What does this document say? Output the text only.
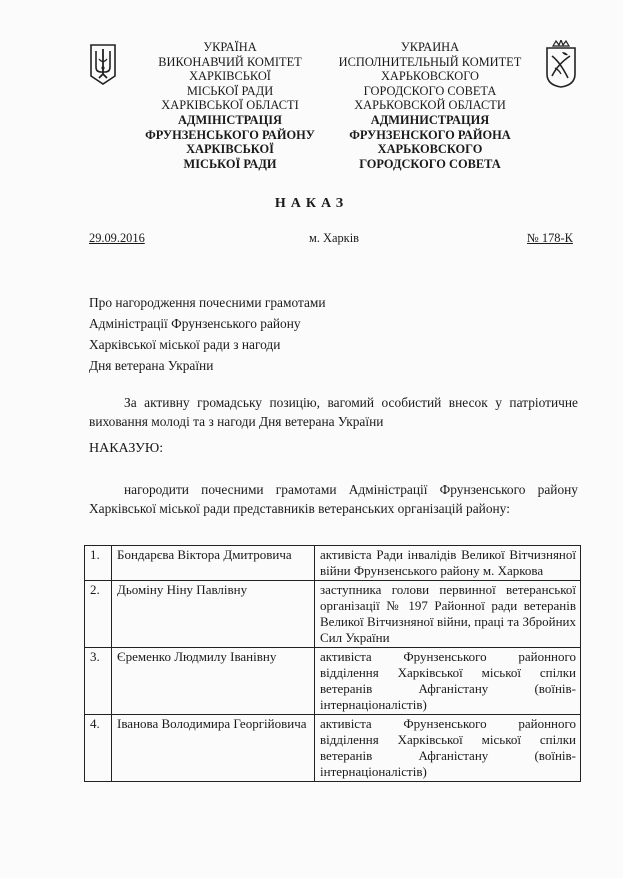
УКРАЇНА
ВИКОНАВЧИЙ КОМІТЕТ
ХАРКІВСЬКОЇ
МІСЬКОЇ РАДИ
ХАРКІВСЬКОЇ ОБЛАСТІ
АДМІНІСТРАЦІЯ
ФРУНЗЕНСЬКОГО РАЙОНУ
ХАРКІВСЬКОЇ
МІСЬКОЇ РАДИ
УКРАИНА
ИСПОЛНИТЕЛЬНЫЙ КОМИТЕТ
ХАРЬКОВСКОГО
ГОРОДСКОГО СОВЕТА
ХАРЬКОВСКОЙ ОБЛАСТИ
АДМИНИСТРАЦИЯ
ФРУНЗЕНСКОГО РАЙОНА
ХАРЬКОВСКОГО
ГОРОДСКОГО СОВЕТА
НАКАЗ
29.09.2016	м. Харків	№ 178-К
Про нагородження почесними грамотами
Адміністрації Фрунзенського району
Харківської міської ради з нагоди
Дня ветерана України
За активну громадську позицію, вагомий особистий внесок у патріотичне виховання молоді та з нагоди Дня ветерана України
НАКАЗУЮ:
нагородити почесними грамотами Адміністрації Фрунзенського району Харківської міської ради представників ветеранських організацій району:
1.	Бондарєва Віктора Дмитровича	активіста Ради інвалідів Великої Вітчизняної війни Фрунзенського району м. Харкова
2.	Дьоміну Ніну Павлівну	заступника голови первинної ветеранської організації № 197 Районної ради ветеранів Великої Вітчизняної війни, праці та Збройних Сил України
3.	Єременко Людмилу Іванівну	активіста Фрунзенського районного відділення Харківської міської спілки ветеранів Афганістану (воїнів-інтернаціоналістів)
4.	Іванова Володимира Георгійовича	активіста Фрунзенського районного відділення Харківської міської спілки ветеранів Афганістану (воїнів-інтернаціоналістів)
